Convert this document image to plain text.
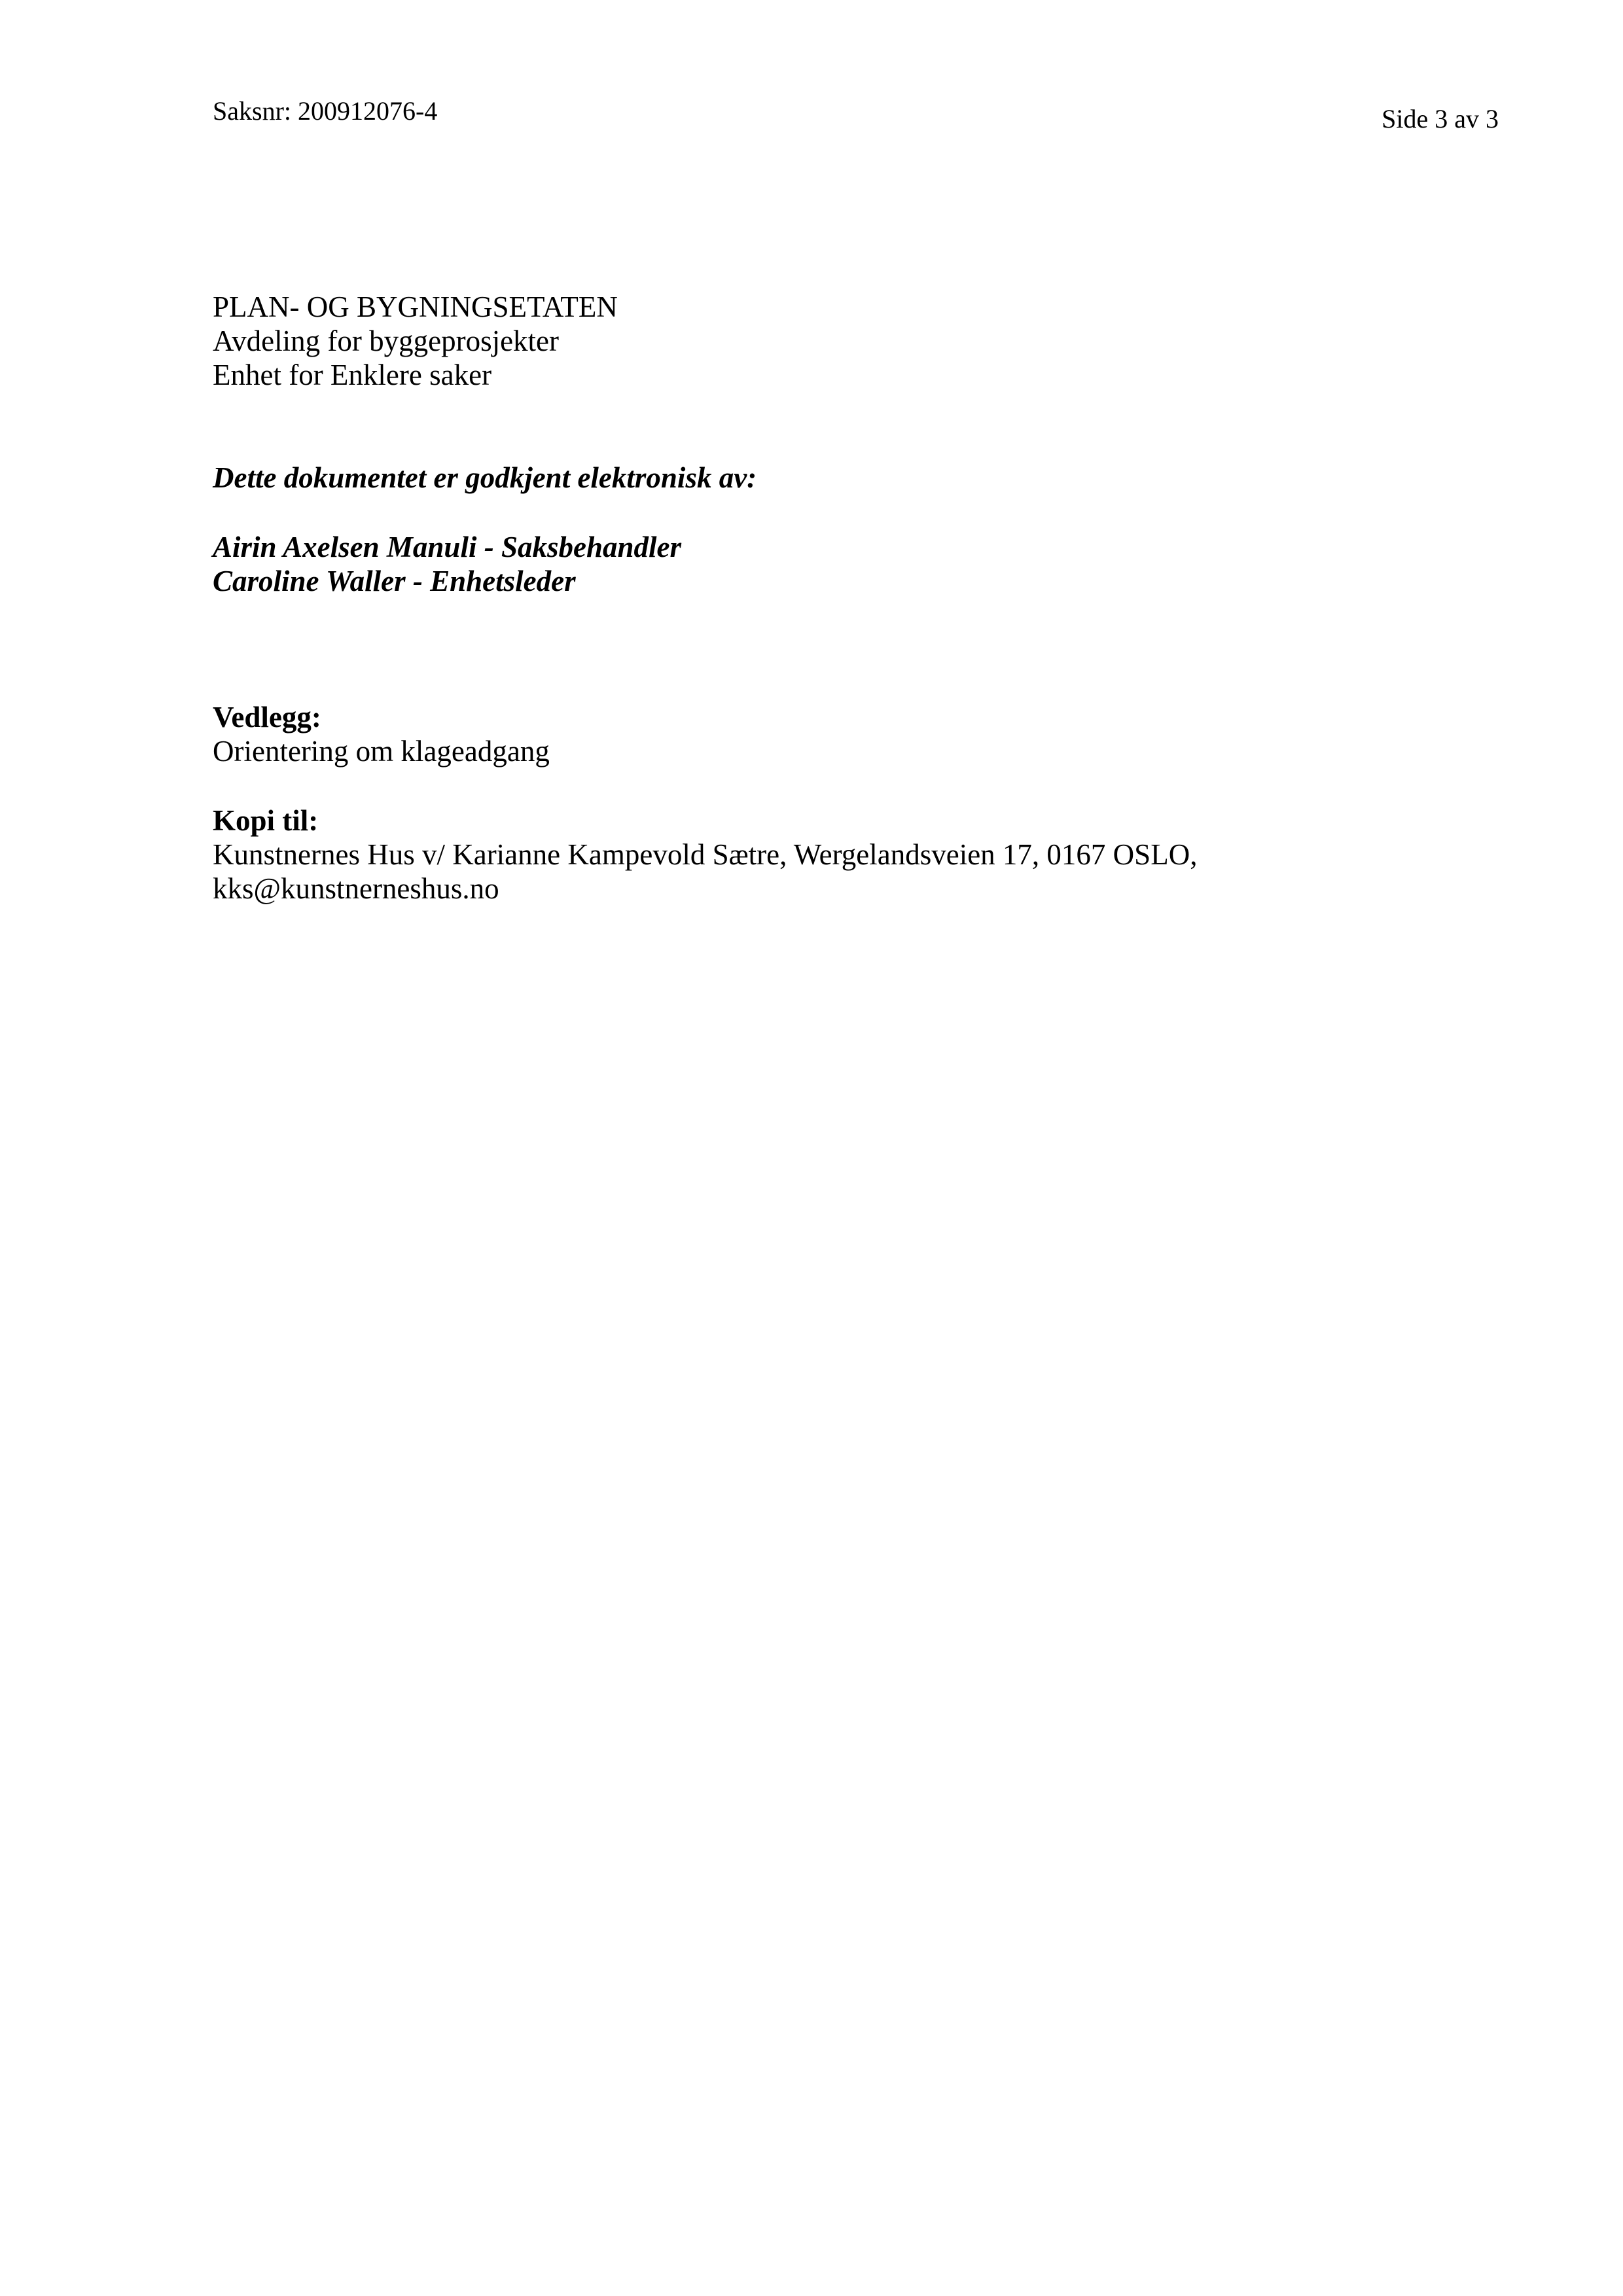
Saksnr: 200912076-4	Side 3 av 3
PLAN- OG BYGNINGSETATEN
Avdeling for byggeprosjekter
Enhet for Enklere saker
Dette dokumentet er godkjent elektronisk av:
Airin Axelsen Manuli - Saksbehandler
Caroline Waller - Enhetsleder
Vedlegg:
Orientering om klageadgang
Kopi til:
Kunstnernes Hus v/ Karianne Kampevold Sætre, Wergelandsveien 17, 0167 OSLO,
kks@kunstnerneshus.no
